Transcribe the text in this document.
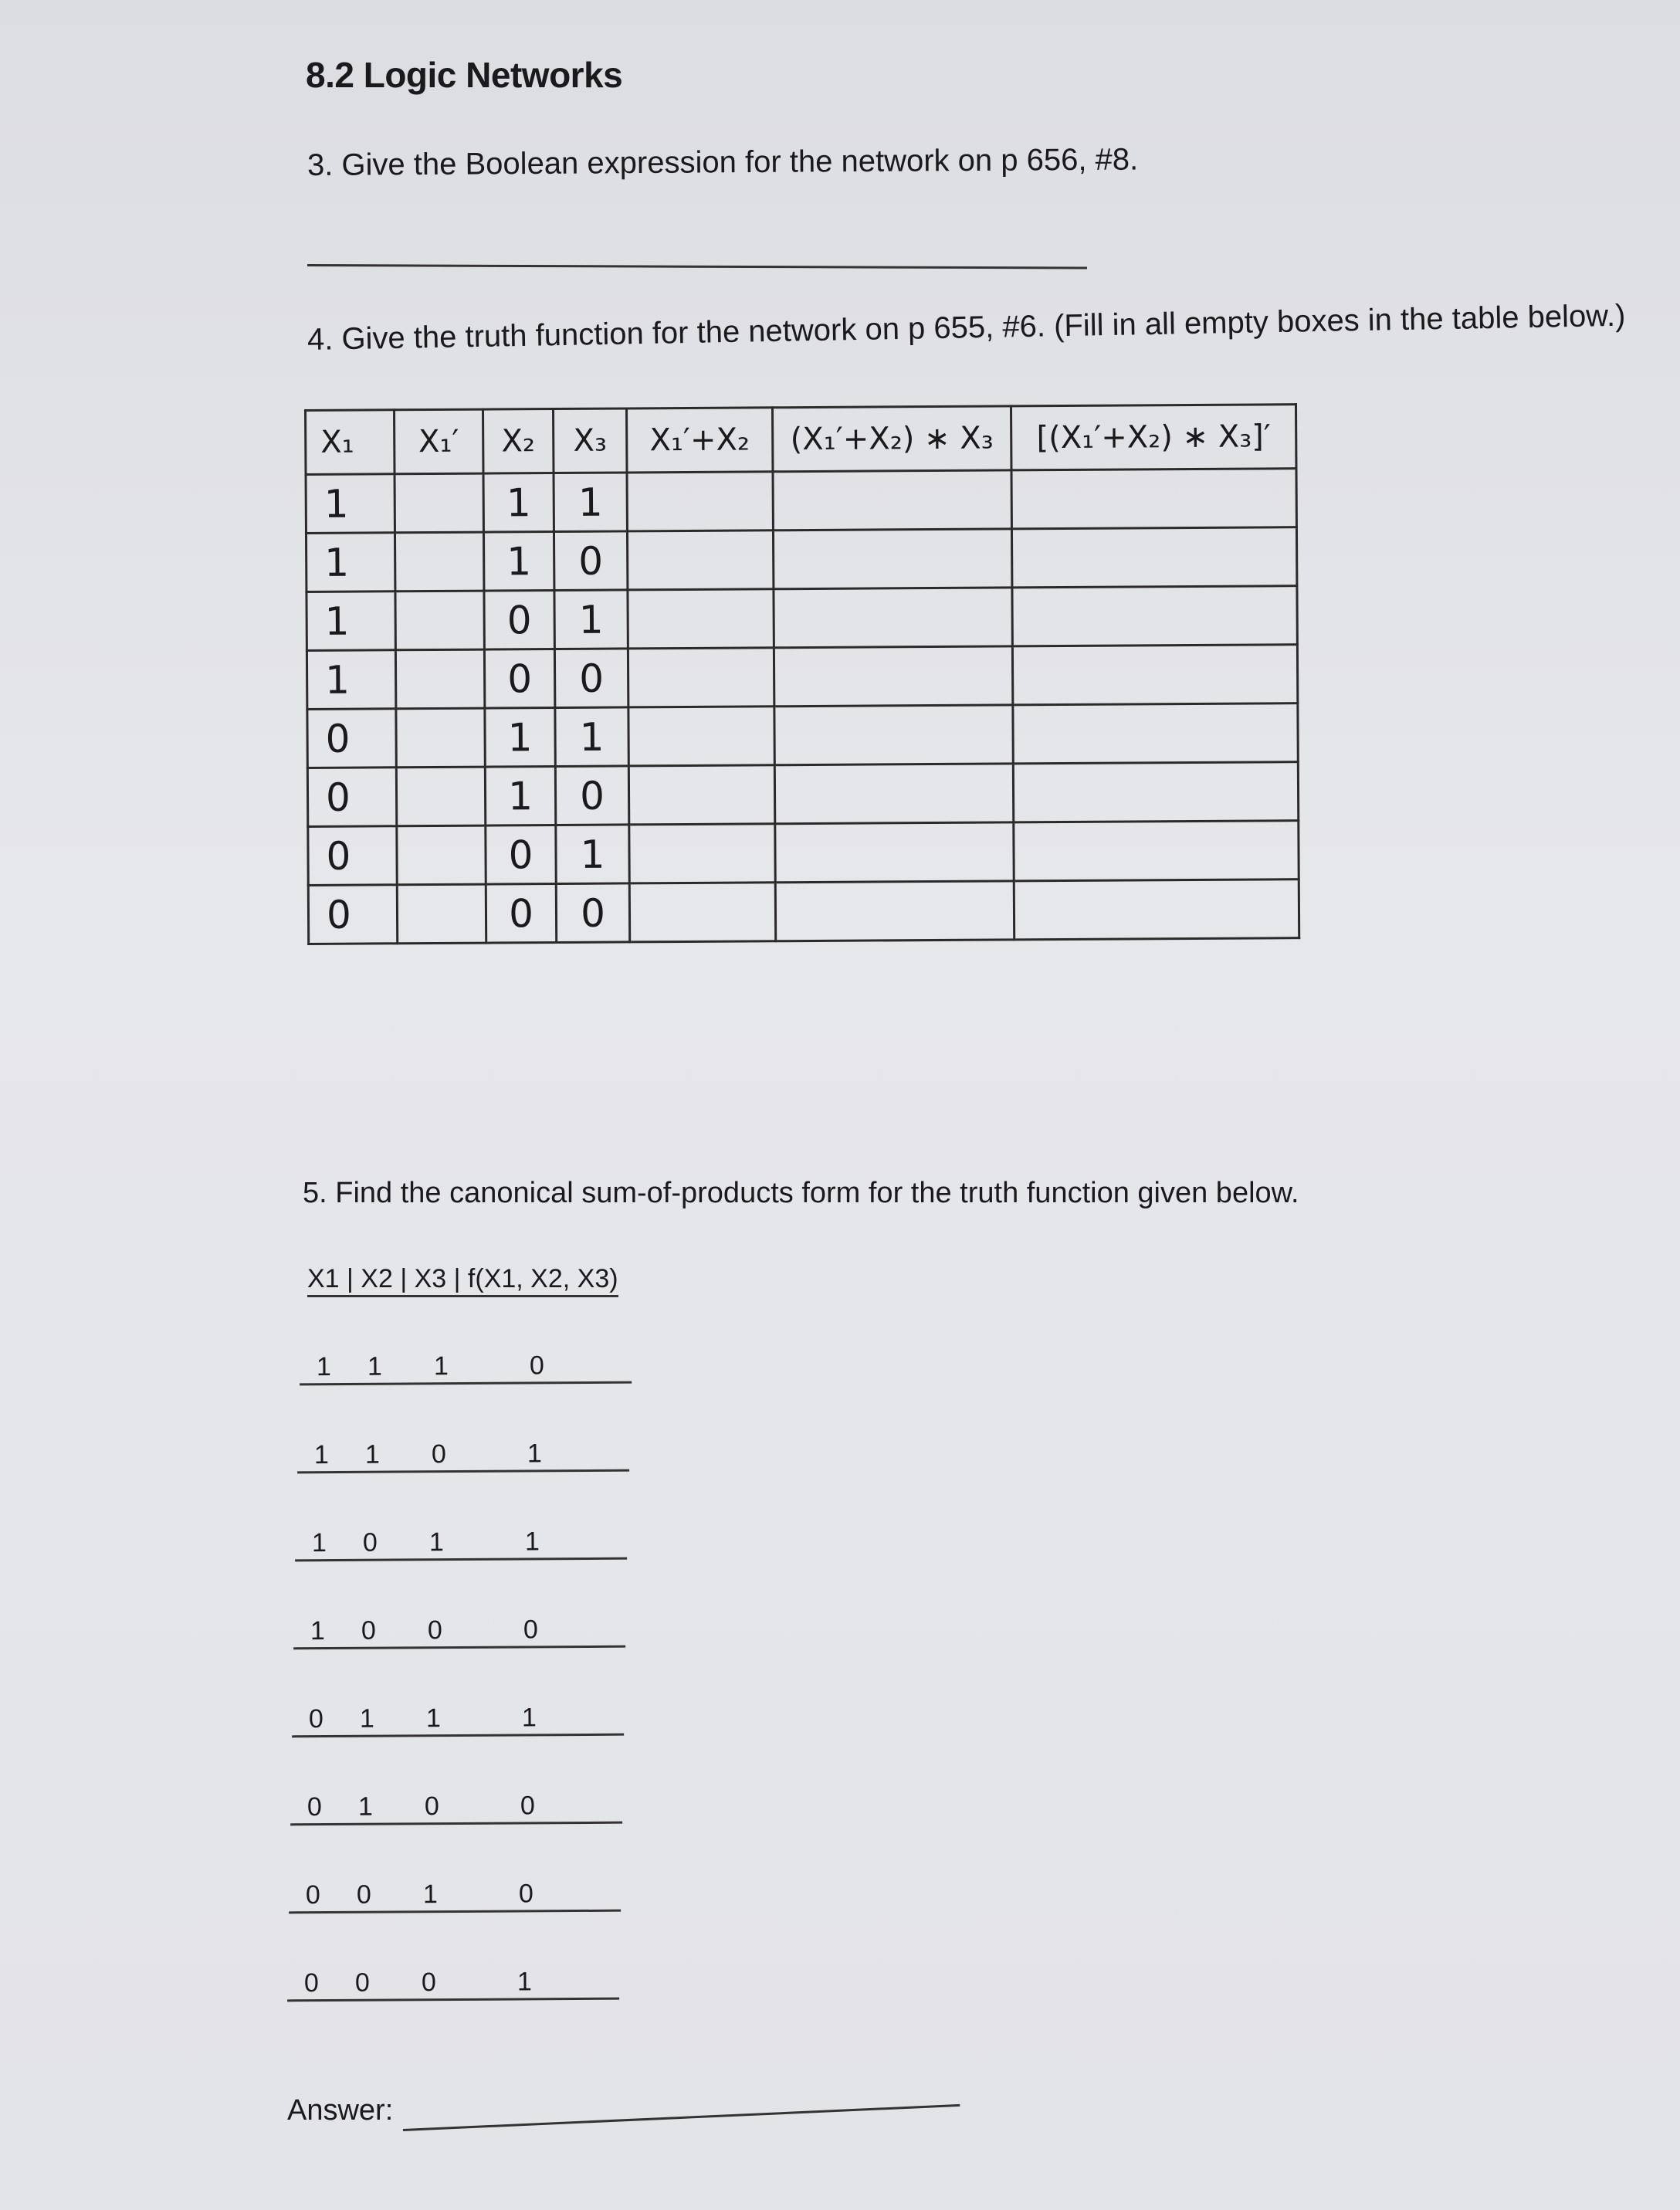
8.2 Logic Networks
3. Give the Boolean expression for the network on p 656, #8.
4. Give the truth function for the network on p 655, #6. (Fill in all empty boxes in the table below.)
X₁	X₁′	X₂	X₃	X₁′+X₂	(X₁′+X₂) ∗ X₃	[(X₁′+X₂) ∗ X₃]′
1		1	1			
1		1	0			
1		0	1			
1		0	0			
0		1	1			
0		1	0			
0		0	1			
0		0	0			
5. Find the canonical sum-of-products form for the truth function given below.
X1 | X2 | X3 | f(X1, X2, X3)
1 1 1	0
1 1 0	1
1 0 1	1
1 0 0	0
0 1 1	1
0 1 0	0
0 0 1	0
0 0 0	1
Answer:
